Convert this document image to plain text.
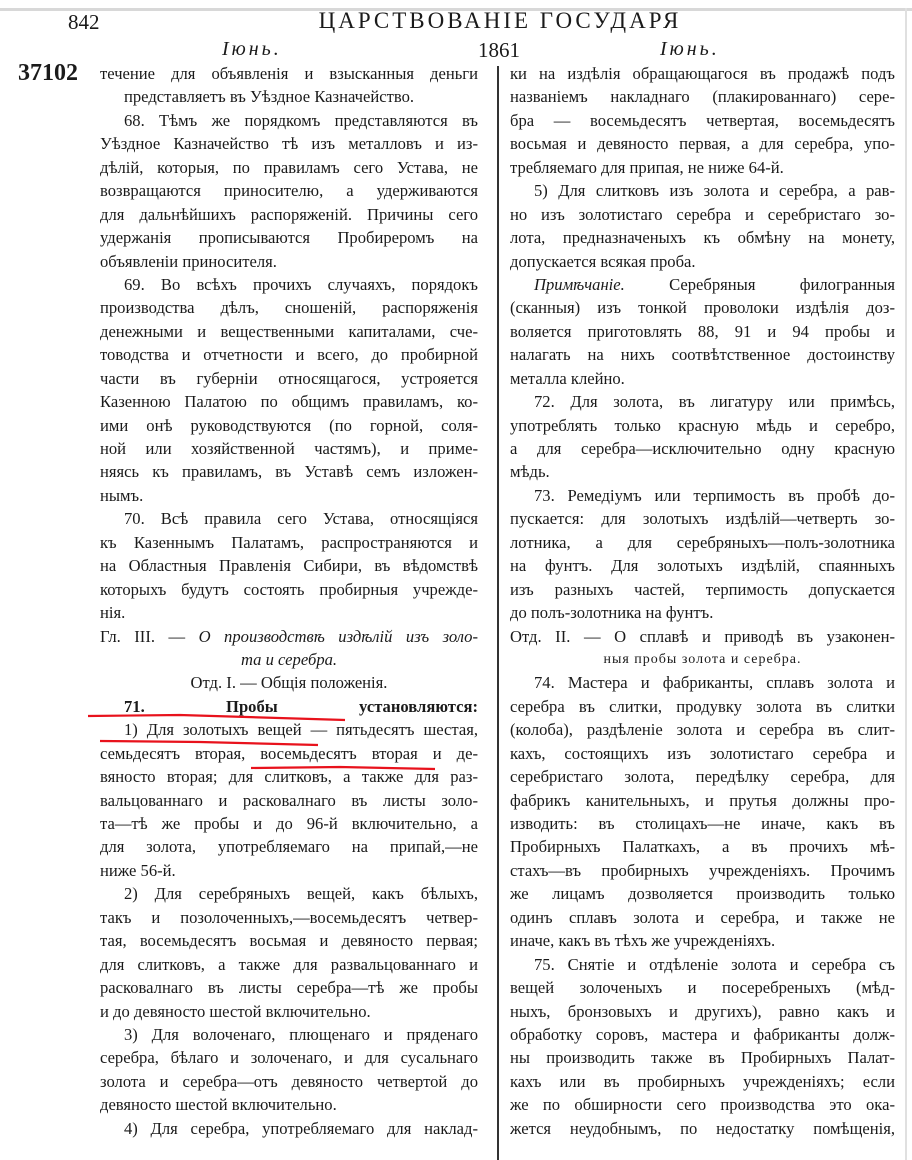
842	ЦАРСТВОВАНІЕ ГОСУДАРЯ
Іюнь.	1861	Іюнь.
37102 течение для объявленія и взысканныя деньги
представляетъ въ Уѣздное Казначейство.
68. Тѣмъ же порядкомъ представляются въ
Уѣздное Казначейство тѣ изъ металловъ и из-
дѣлій, которыя, по правиламъ сего Устава, не
возвращаются приносителю, а удерживаются
для дальнѣйшихъ распоряженій. Причины сего
удержанія прописываются Пробирeромъ на
объявленіи приносителя.
69. Во всѣхъ прочихъ случаяхъ, порядокъ
производства дѣлъ, сношеній, распоряженія
денежными и вещественными капиталами, сче-
товодства и отчетности и всего, до пробирной
части въ губерніи относящагося, устрояется
Казенною Палатою по общимъ правиламъ, ко-
ими онѣ руководствуются (по горной, соля-
ной или хозяйственной частямъ), и приме-
няясь къ правиламъ, въ Уставѣ семъ изложен-
нымъ.
70. Всѣ правила сего Устава, относящіяся
къ Казеннымъ Палатамъ, распространяются и
на Областныя Правленія Сибири, въ вѣдомствѣ
которыхъ будутъ состоять пробирныя учрежде-
нія.
Гл. III. — О производствѣ издѣлій изъ золо-
та и серебра.
Отд. I. — Общія положенія.
71. Пробы установляются:
1) Для золотыхъ вещей — пятьдесятъ шестая,
семьдесятъ вторая, восемьдесятъ вторая и де-
вяносто вторая; для слитковъ, а также для раз-
вальцованнаго и расковалнаго въ листы золо-
та—тѣ же пробы и до 96-й включительно, а
для золота, употребляемаго на припай,—не
ниже 56-й.
2) Для серебряныхъ вещей, какъ бѣлыхъ,
такъ и позолоченныхъ,—восемьдесятъ четвер-
тая, восемьдесятъ восьмая и девяносто первая;
для слитковъ, а также для развальцованнаго и
расковалнаго въ листы серебра—тѣ же пробы
и до девяносто шестой включительно.
3) Для волоченаго, плющенаго и пряденаго
серебра, бѣлаго и золоченаго, и для сусальнаго
золота и серебра—отъ девяносто четвертой до
девяносто шестой включительно.
4) Для серебра, употребляемаго для наклад-
ки на издѣлія обращающагося въ продажѣ подъ
названіемъ накладнаго (плакированнаго) сере-
бра — восемьдесятъ четвертая, восемьдесятъ
восьмая и девяносто первая, а для серебра, упо-
требляемаго для припая, не ниже 64-й.
5) Для слитковъ изъ золота и серебра, а рав-
но изъ золотистаго серебра и серебристаго зо-
лота, предназначеныхъ къ обмѣну на монету,
допускается всякая проба.
Примѣчаніе. Серебряныя филогранныя
(сканныя) изъ тонкой проволоки издѣлія доз-
воляется приготовлять 88, 91 и 94 пробы и
налагать на нихъ соотвѣтственное достоинству
металла клейно.
72. Для золота, въ лигатуру или примѣсь,
употреблять только красную мѣдь и серебро,
а для серебра—исключительно одну красную
мѣдь.
73. Ремедіумъ или терпимость въ пробѣ до-
пускается: для золотыхъ издѣлій—четверть зо-
лотника, а для серебряныхъ—полъ-золотника
на фунтъ. Для золотыхъ издѣлій, спаянныхъ
изъ разныхъ частей, терпимость допускается
до полъ-золотника на фунтъ.
Отд. II. — О сплавѣ и приводѣ въ узаконен-
ныя пробы золота и серебра.
74. Мастера и фабриканты, сплавъ золота и
серебра въ слитки, продувку золота въ слитки
(колоба), раздѣленіе золота и серебра въ слит-
кахъ, состоящихъ изъ золотистаго серебра и
серебристаго золота, передѣлку серебра, для
фабрикъ канительныхъ, и прутья должны про-
изводить: въ столицахъ—не иначе, какъ въ
Пробирныхъ Палаткахъ, а въ прочихъ мѣ-
стахъ—въ пробирныхъ учрежденіяхъ. Прочимъ
же лицамъ дозволяется производить только
одинъ сплавъ золота и серебра, и также не
иначе, какъ въ тѣхъ же учрежденіяхъ.
75. Снятіе и отдѣленіе золота и серебра съ
вещей золоченыхъ и посеребреныхъ (мѣд-
ныхъ, бронзовыхъ и другихъ), равно какъ и
обработку соровъ, мастера и фабриканты долж-
ны производить также въ Пробирныхъ Палат-
кахъ или въ пробирныхъ учрежденіяхъ; если
же по обширности сего производства это ока-
жется неудобнымъ, по недостатку помѣщенія,
